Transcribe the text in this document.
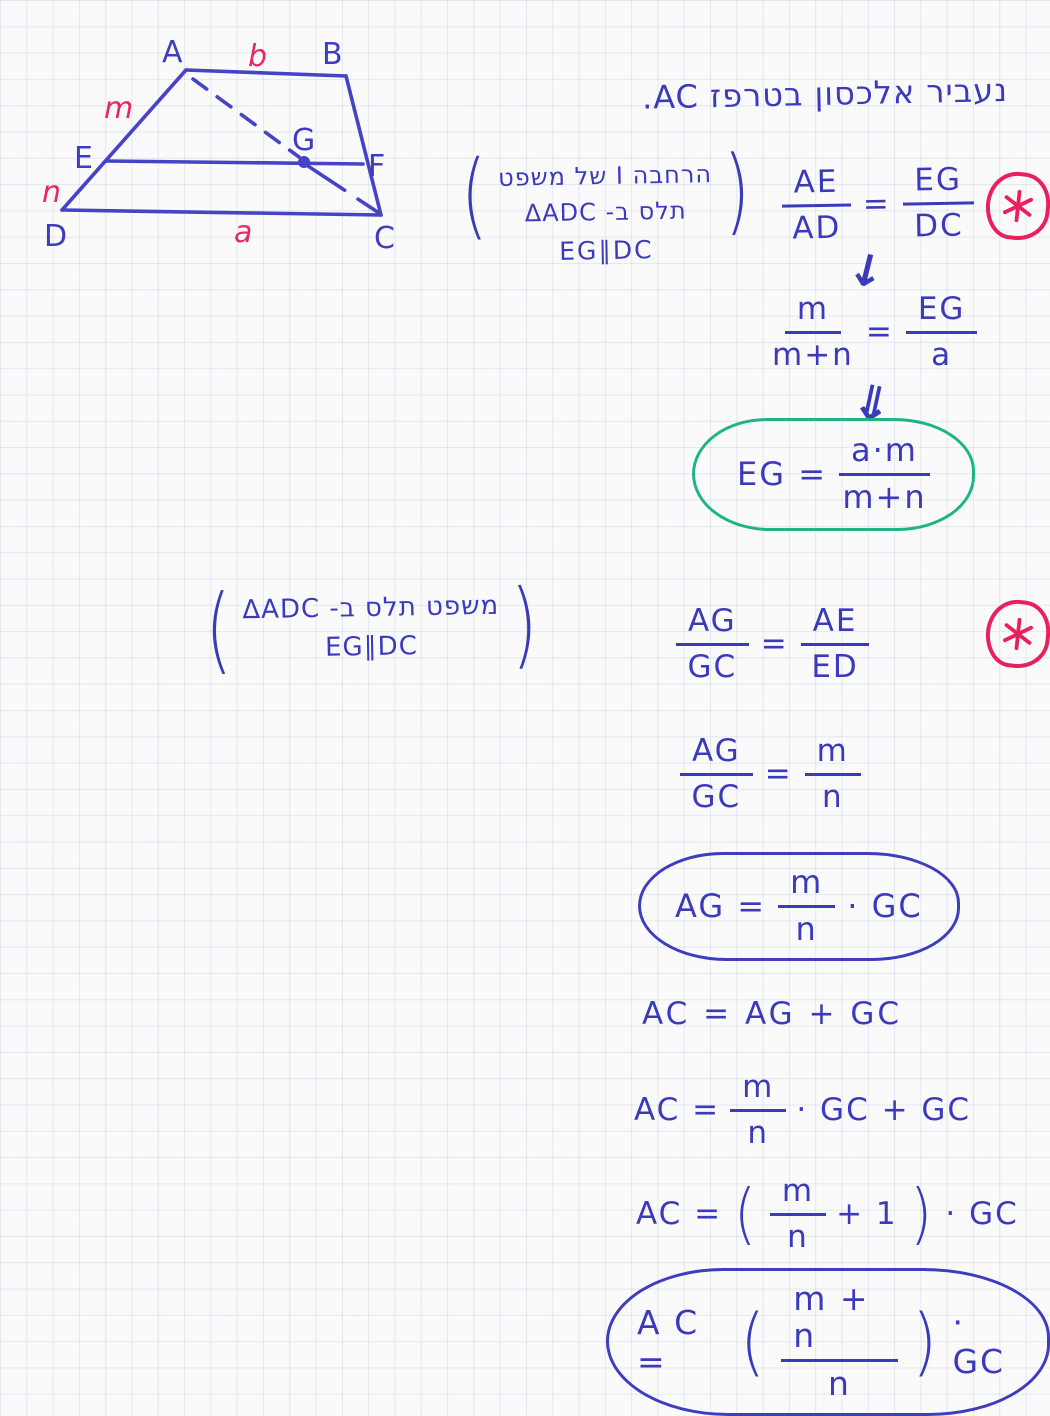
A	B
C
D
E	F
G
m
n
b
a
נעביר אלכסון בטרפז AC.
( הרחבה I של משפט
תלס ב- ΔADC )
EG∥DC
$\frac{AE}{AD} = \frac{EG}{DC}$
↓
$\frac{m}{m+n} = \frac{EG}{a}$
⇓
EG = $\frac{a\cdot m}{m+n}$
( משפט תלס ב- ΔADC
EG∥DC )	$\frac{AG}{GC} = \frac{AE}{ED}$
$\frac{AG}{GC} = \frac{m}{n}$
AG = $\frac{m}{n}$ · GC
AC = AG + GC
AC = $\frac{m}{n}$ · GC + GC
AC = ( $\frac{m}{n} + 1$ ) · GC
A C =	( $\frac{m + n}{n}$ ) · GC
